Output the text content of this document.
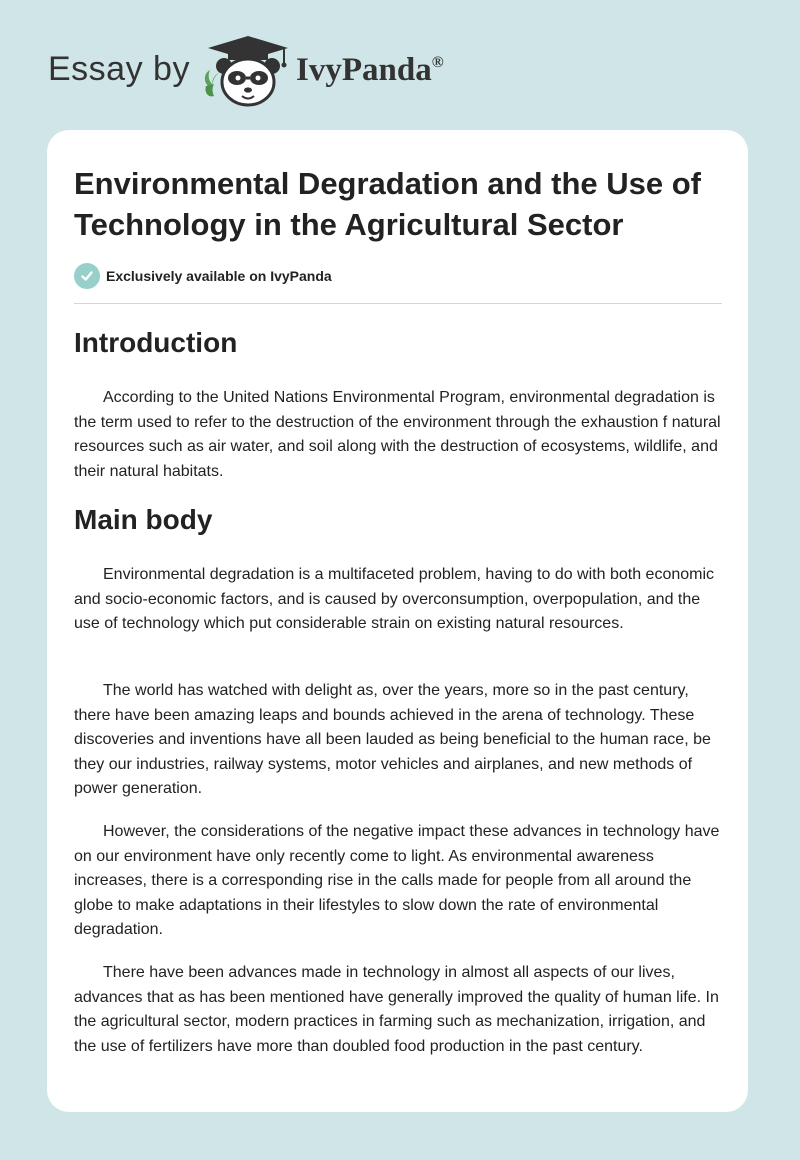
Essay by	IvyPanda®
Environmental Degradation and the Use of Technology in the Agricultural Sector
Exclusively available on IvyPanda
Introduction

According to the United Nations Environmental Program, environmental degradation is the term used to refer to the destruction of the environment through the exhaustion f natural resources such as air water, and soil along with the destruction of ecosystems, wildlife, and their natural habitats.

Main body

Environmental degradation is a multifaceted problem, having to do with both economic and socio-economic factors, and is caused by overconsumption, overpopulation, and the use of technology which put considerable strain on existing natural resources.

The world has watched with delight as, over the years, more so in the past century, there have been amazing leaps and bounds achieved in the arena of technology. These discoveries and inventions have all been lauded as being beneficial to the human race, be they our industries, railway systems, motor vehicles and airplanes, and new methods of power generation.

However, the considerations of the negative impact these advances in technology have on our environment have only recently come to light. As environmental awareness increases, there is a corresponding rise in the calls made for people from all around the globe to make adaptations in their lifestyles to slow down the rate of environmental degradation.

There have been advances made in technology in almost all aspects of our lives, advances that as has been mentioned have generally improved the quality of human life. In the agricultural sector, modern practices in farming such as mechanization, irrigation, and the use of fertilizers have more than doubled food production in the past century.
